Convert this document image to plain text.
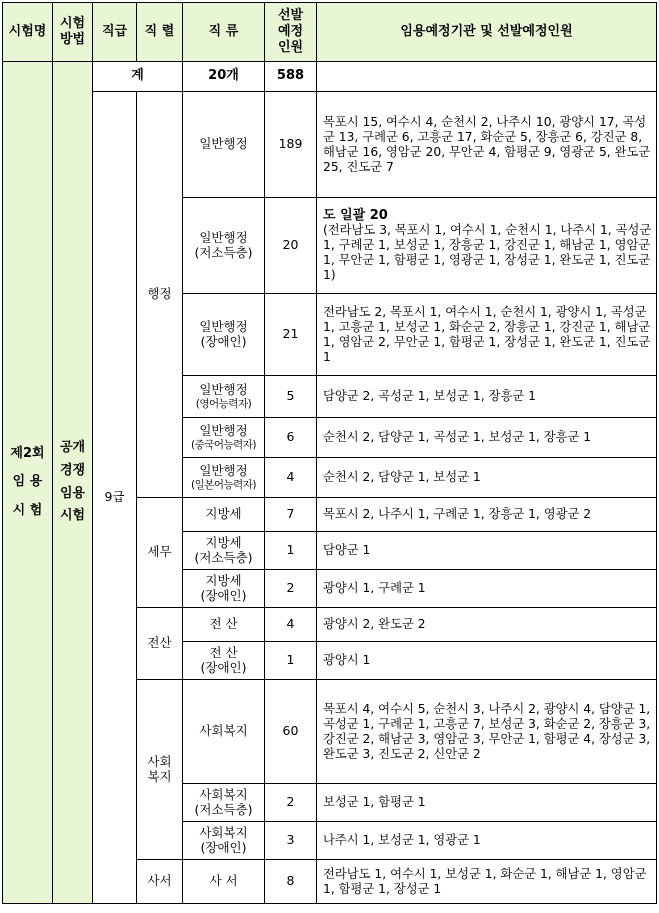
시험명	시험
방법	직급	직 렬	직 류	선발
예정
인원	임용예정기관 및 선발예정인원

제2회
임 용
시 험	공개
경쟁
임용
시험	계		20개	588	
		9급	행정	일반행정	189	목포시 15, 여수시 4, 순천시 2, 나주시 10, 광양시 17, 곡성군 13, 구례군 6, 고흥군 17, 화순군 5, 장흥군 6, 강진군 8, 해남군 16, 영암군 20, 무안군 4, 함평군 9, 영광군 5, 완도군 25, 진도군 7

				일반행정
(저소득층)	20	도 일괄 20
(전라남도 3, 목포시 1, 여수시 1, 순천시 1, 나주시 1, 곡성군 1, 구례군 1, 보성군 1, 장흥군 1, 강진군 1, 해남군 1, 영암군 1, 무안군 1, 함평군 1, 영광군 1, 장성군 1, 완도군 1, 진도군 1)

				일반행정
(장애인)	21	전라남도 2, 목포시 1, 여수시 1, 순천시 1, 광양시 1, 곡성군 1, 고흥군 1, 보성군 1, 화순군 2, 장흥군 1, 강진군 1, 해남군 1, 영암군 2, 무안군 1, 함평군 1, 장성군 1, 완도군 1, 진도군 1

				일반행정
(영어능력자)	5	담양군 2, 곡성군 1, 보성군 1, 장흥군 1

				일반행정
(중국어능력자)	6	순천시 2, 담양군 1, 곡성군 1, 보성군 1, 장흥군 1

				일반행정
(일본어능력자)	4	순천시 2, 담양군 1, 보성군 1
			세무	지방세	7	목포시 2, 나주시 1, 구례군 1, 장흥군 1, 영광군 2

				지방세
(저소득층)	1	담양군 1

				지방세
(장애인)	2	광양시 1, 구례군 1
			전산	전 산	4	광양시 2, 완도군 2

				전 산
(장애인)	1	광양시 1

			사회
복지	사회복지	60	목포시 4, 여수시 5, 순천시 3, 나주시 2, 광양시 4, 담양군 1, 곡성군 1, 구례군 1, 고흥군 7, 보성군 3, 화순군 2, 장흥군 3, 강진군 2, 해남군 3, 영암군 3, 무안군 1, 함평군 4, 장성군 3, 완도군 3, 진도군 2, 신안군 2

				사회복지
(저소득층)	2	보성군 1, 함평군 1

				사회복지
(장애인)	3	나주시 1, 보성군 1, 영광군 1
			사서	사 서	8	전라남도 1, 여수시 1, 보성군 1, 화순군 1, 해남군 1, 영암군 1, 함평군 1, 장성군 1
